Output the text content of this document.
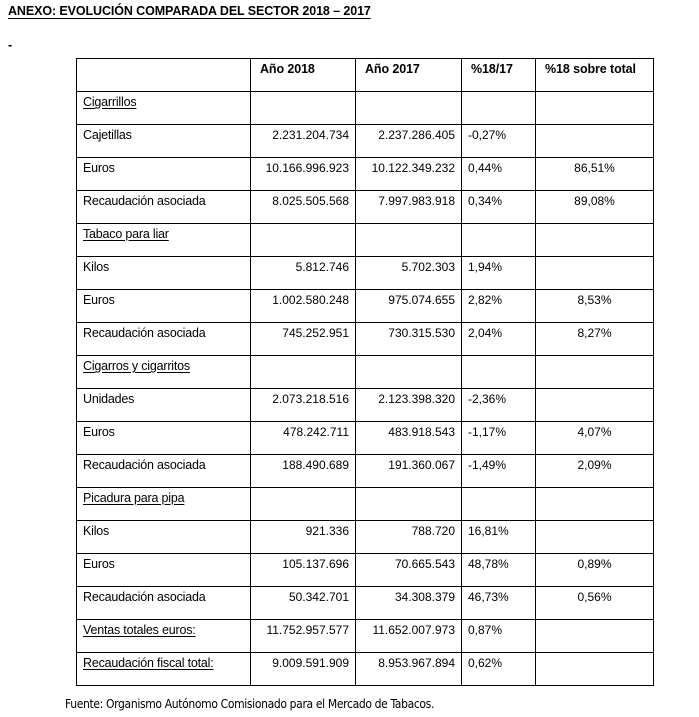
ANEXO: EVOLUCIÓN COMPARADA DEL SECTOR 2018 – 2017
-
	Año 2018	Año 2017	%18/17	%18 sobre total
Cigarrillos				
Cajetillas	2.231.204.734	2.237.286.405	-0,27%	
Euros	10.166.996.923	10.122.349.232	0,44%	86,51%
Recaudación asociada	8.025.505.568	7.997.983.918	0,34%	89,08%
Tabaco para liar				
Kilos	5.812.746	5.702.303	1,94%	
Euros	1.002.580.248	975.074.655	2,82%	8,53%
Recaudación asociada	745.252.951	730.315.530	2,04%	8,27%
Cigarros y cigarritos				
Unidades	2.073.218.516	2.123.398.320	-2,36%	
Euros	478.242.711	483.918.543	-1,17%	4,07%
Recaudación asociada	188.490.689	191.360.067	-1,49%	2,09%
Picadura para pipa				
Kilos	921.336	788.720	16,81%	
Euros	105.137.696	70.665.543	48,78%	0,89%
Recaudación asociada	50.342.701	34.308.379	46,73%	0,56%
Ventas totales euros:	11.752.957.577	11.652.007.973	0,87%	
Recaudación fiscal total:	9.009.591.909	8.953.967.894	0,62%	
Fuente: Organismo Autónomo Comisionado para el Mercado de Tabacos.
